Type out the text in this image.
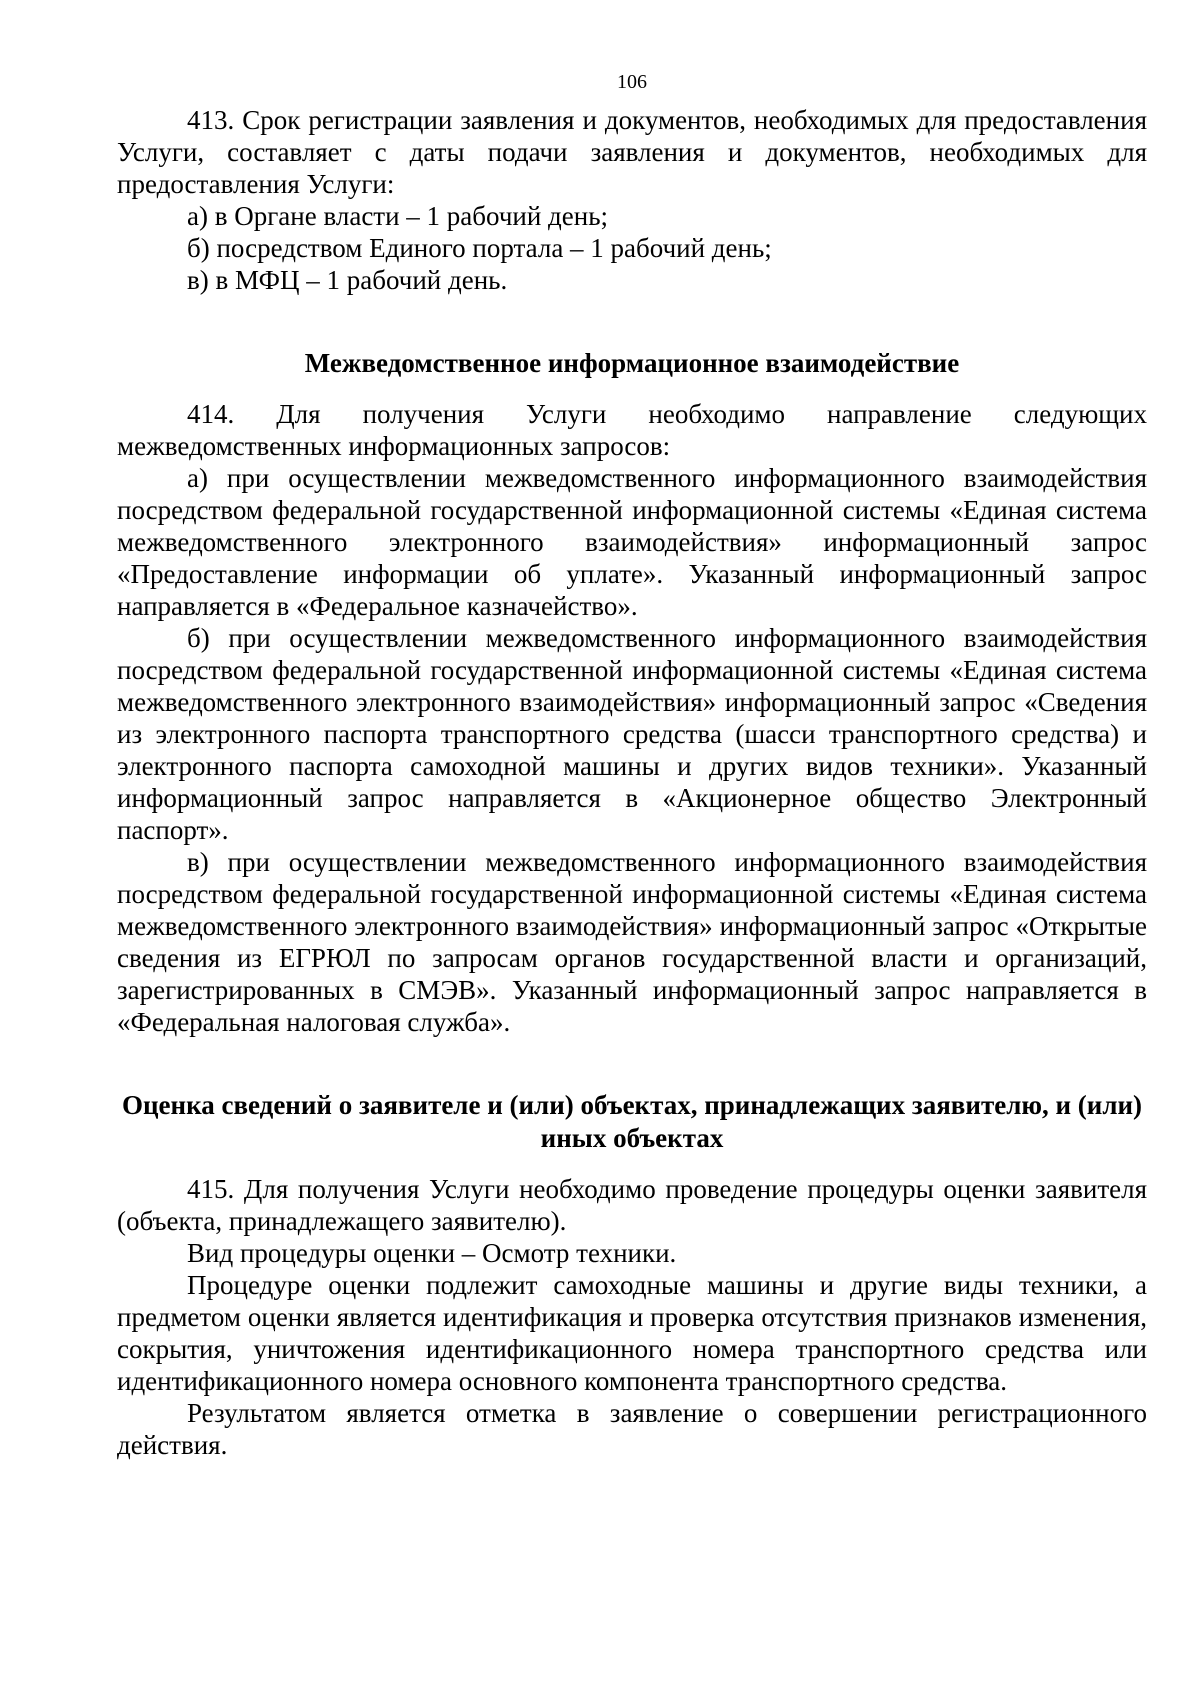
106

413. Срок регистрации заявления и документов, необходимых для предоставления Услуги, составляет с даты подачи заявления и документов, необходимых для предоставления Услуги:

а) в Органе власти – 1 рабочий день;

б) посредством Единого портала – 1 рабочий день;

в) в МФЦ – 1 рабочий день.

Межведомственное информационное взаимодействие

414. Для получения Услуги необходимо направление следующих межведомственных информационных запросов:

а) при осуществлении межведомственного информационного взаимодействия посредством федеральной государственной информационной системы «Единая система межведомственного электронного взаимодействия» информационный запрос «Предоставление информации об уплате». Указанный информационный запрос направляется в «Федеральное казначейство».

б) при осуществлении межведомственного информационного взаимодействия посредством федеральной государственной информационной системы «Единая система межведомственного электронного взаимодействия» информационный запрос «Сведения из электронного паспорта транспортного средства (шасси транспортного средства) и электронного паспорта самоходной машины и других видов техники». Указанный информационный запрос направляется в «Акционерное общество Электронный паспорт».

в) при осуществлении межведомственного информационного взаимодействия посредством федеральной государственной информационной системы «Единая система межведомственного электронного взаимодействия» информационный запрос «Открытые сведения из ЕГРЮЛ по запросам органов государственной власти и организаций, зарегистрированных в СМЭВ». Указанный информационный запрос направляется в «Федеральная налоговая служба».

Оценка сведений о заявителе и (или) объектах, принадлежащих заявителю, и (или) иных объектах

415. Для получения Услуги необходимо проведение процедуры оценки заявителя (объекта, принадлежащего заявителю).

Вид процедуры оценки – Осмотр техники.

Процедуре оценки подлежит самоходные машины и другие виды техники, а предметом оценки является идентификация и проверка отсутствия признаков изменения, сокрытия, уничтожения идентификационного номера транспортного средства или идентификационного номера основного компонента транспортного средства.

Результатом является отметка в заявление о совершении регистрационного действия.
